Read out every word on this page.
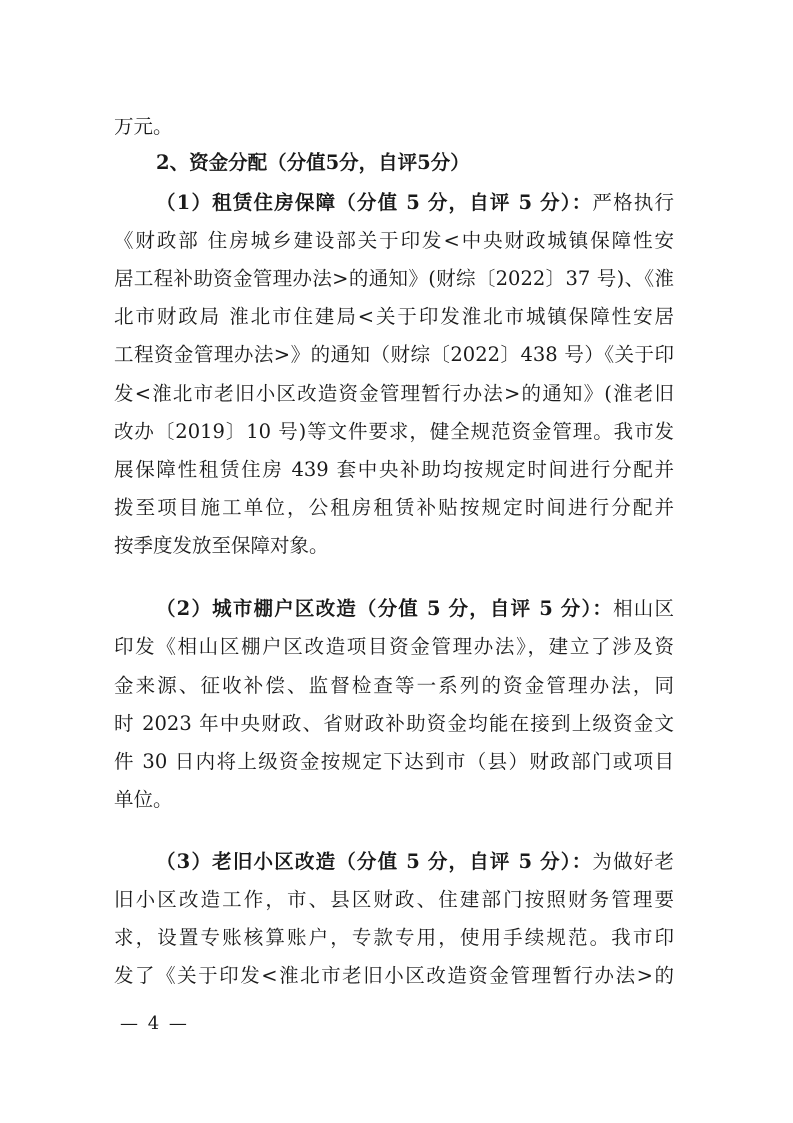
万元。
2、资金分配（分值5分，自评5分）
（1）租赁住房保障（分值 5 分，自评 5 分）：严格执行
《财政部 住房城乡建设部关于印发<中央财政城镇保障性安
居工程补助资金管理办法>的通知》(财综〔2022〕37 号)、《淮
北市财政局 淮北市住建局<关于印发淮北市城镇保障性安居
工程资金管理办法>》的通知（财综〔2022〕438 号）《关于印
发<淮北市老旧小区改造资金管理暂行办法>的通知》(淮老旧
改办〔2019〕10 号)等文件要求，健全规范资金管理。我市发
展保障性租赁住房 439 套中央补助均按规定时间进行分配并
拨至项目施工单位，公租房租赁补贴按规定时间进行分配并
按季度发放至保障对象。
（2）城市棚户区改造（分值 5 分，自评 5 分）：相山区
印发《相山区棚户区改造项目资金管理办法》，建立了涉及资
金来源、征收补偿、监督检查等一系列的资金管理办法，同
时 2023 年中央财政、省财政补助资金均能在接到上级资金文
件 30 日内将上级资金按规定下达到市（县）财政部门或项目
单位。
（3）老旧小区改造（分值 5 分，自评 5 分）：为做好老
旧小区改造工作，市、县区财政、住建部门按照财务管理要
求，设置专账核算账户，专款专用，使用手续规范。我市印
发了《关于印发<淮北市老旧小区改造资金管理暂行办法>的
— 4 —
